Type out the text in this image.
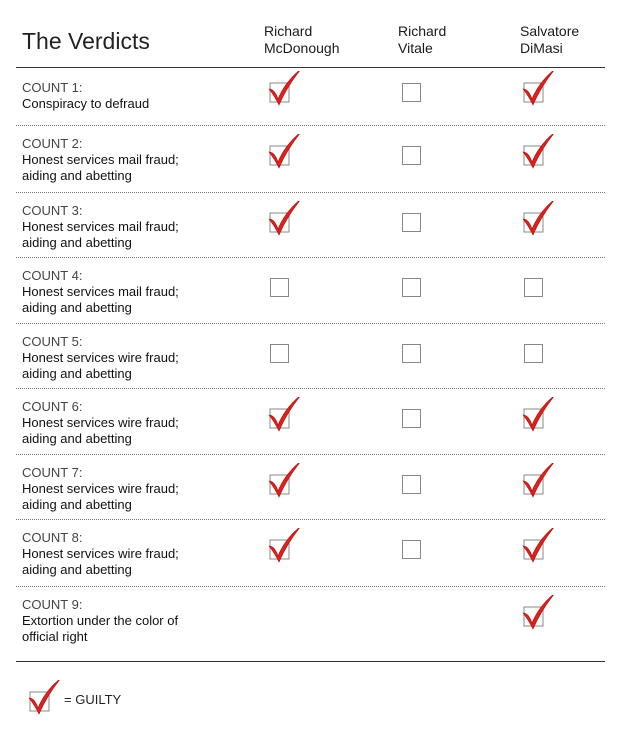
The Verdicts	Richard
McDonough
Richard
Vitale
Salvatore
DiMasi
COUNT 1:
Conspiracy to defraud
COUNT 2:
Honest services mail fraud;
aiding and abetting
COUNT 3:
Honest services mail fraud;
aiding and abetting
COUNT 4:
Honest services mail fraud;
aiding and abetting
COUNT 5:
Honest services wire fraud;
aiding and abetting
COUNT 6:
Honest services wire fraud;
aiding and abetting
COUNT 7:
Honest services wire fraud;
aiding and abetting
COUNT 8:
Honest services wire fraud;
aiding and abetting
COUNT 9:
Extortion under the color of
official right
= GUILTY
